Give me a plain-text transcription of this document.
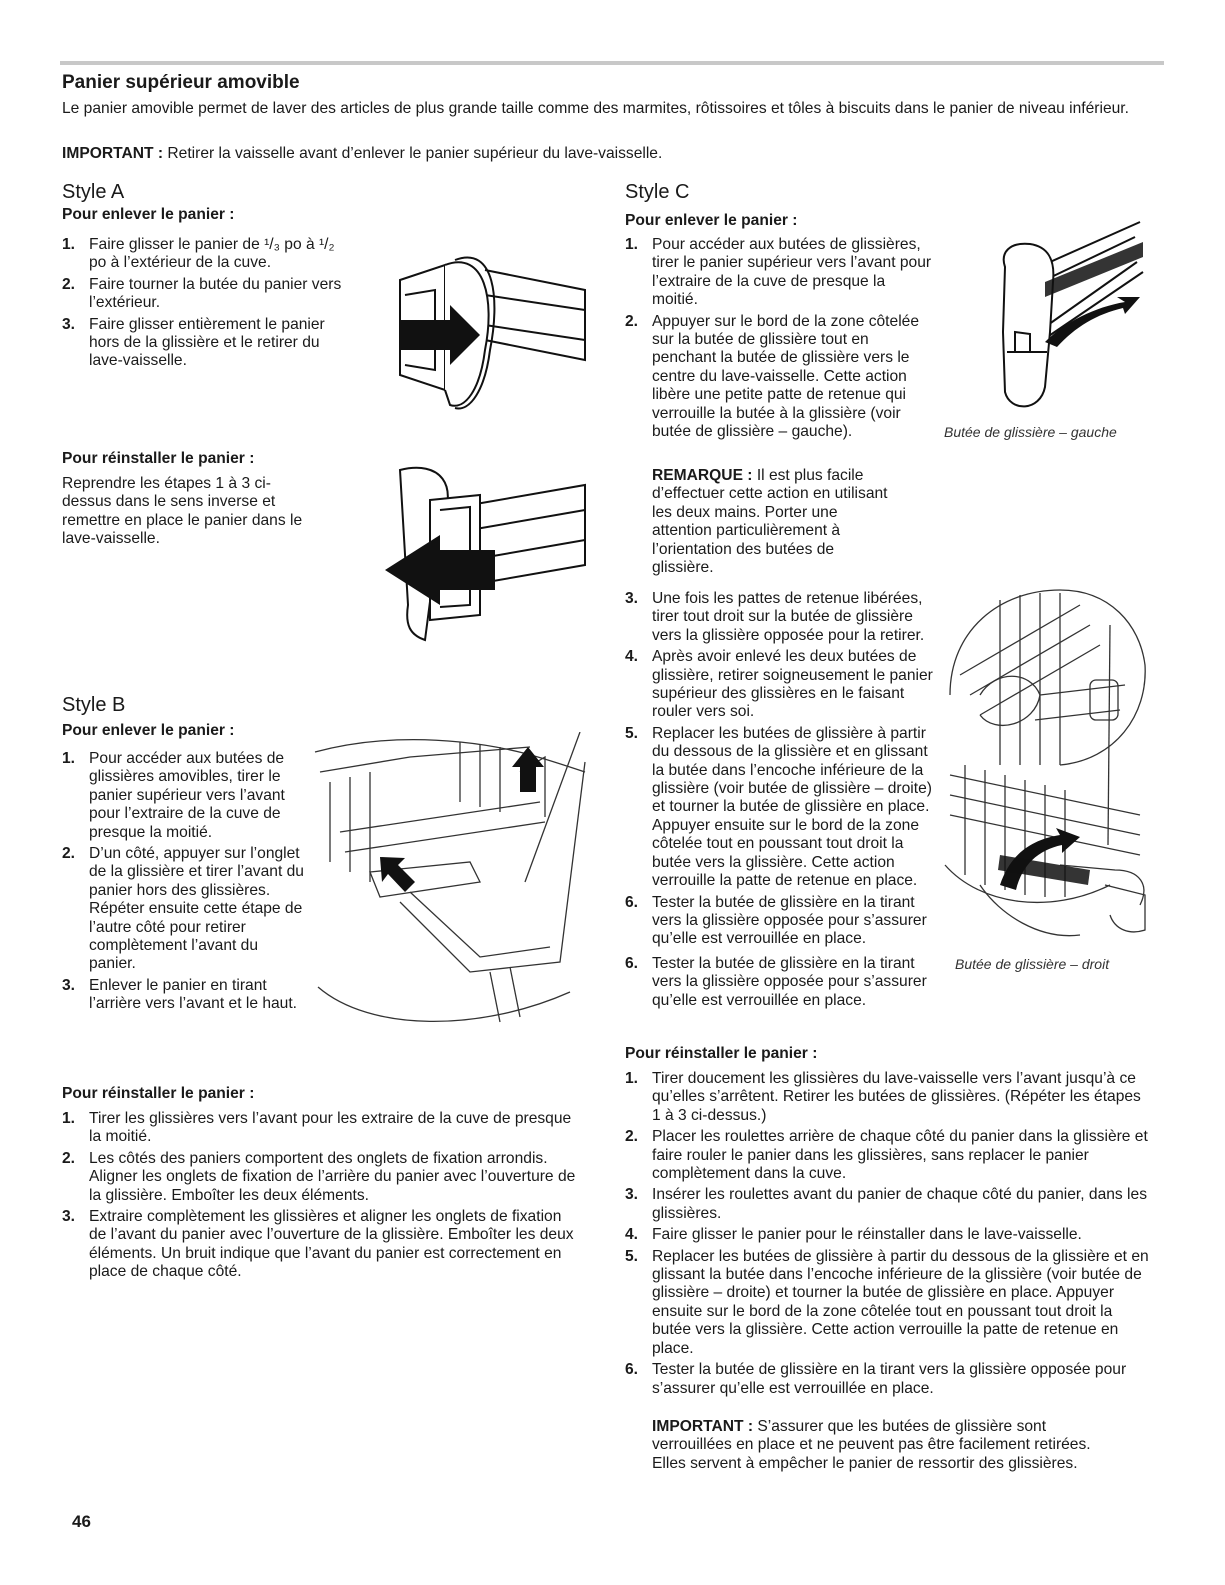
Panier supérieur amovible

Le panier amovible permet de laver des articles de plus grande taille comme des marmites, rôtissoires et tôles à biscuits dans le panier de niveau inférieur.

IMPORTANT : Retirer la vaisselle avant d’enlever le panier supérieur du lave-vaisselle.

Style A
Pour enlever le panier :
1. Faire glisser le panier de ¹/₃ po à ¹/₂ po à l’extérieur de la cuve.
2. Faire tourner la butée du panier vers l’extérieur.
3. Faire glisser entièrement le panier hors de la glissière et le retirer du lave-vaisselle.
Pour réinstaller le panier :

Reprendre les étapes 1 à 3 ci-dessus dans le sens inverse et remettre en place le panier dans le lave-vaisselle.

Style B
Pour enlever le panier :
1. Pour accéder aux butées de glissières amovibles, tirer le panier supérieur vers l’avant pour l’extraire de la cuve de presque la moitié.
2. D’un côté, appuyer sur l’onglet de la glissière et tirer l’avant du panier hors des glissières. Répéter ensuite cette étape de l’autre côté pour retirer complètement l’avant du panier.
3. Enlever le panier en tirant l’arrière vers l’avant et le haut.
Pour réinstaller le panier :
1. Tirer les glissières vers l’avant pour les extraire de la cuve de presque la moitié.
2. Les côtés des paniers comportent des onglets de fixation arrondis. Aligner les onglets de fixation de l’arrière du panier avec l’ouverture de la glissière. Emboîter les deux éléments.
3. Extraire complètement les glissières et aligner les onglets de fixation de l’avant du panier avec l’ouverture de la glissière. Emboîter les deux éléments. Un bruit indique que l’avant du panier est correctement en place de chaque côté.
Style C
Pour enlever le panier :
1. Pour accéder aux butées de glissières, tirer le panier supérieur vers l’avant pour l’extraire de la cuve de presque la moitié.
2. Appuyer sur le bord de la zone côtelée sur la butée de glissière tout en penchant la butée de glissière vers le centre du lave-vaisselle. Cette action libère une petite patte de retenue qui verrouille la butée à la glissière (voir butée de glissière – gauche).

REMARQUE : Il est plus facile d’effectuer cette action en utilisant les deux mains. Porter une attention particulièrement à l’orientation des butées de glissière.

3. Une fois les pattes de retenue libérées, tirer tout droit sur la butée de glissière vers la glissière opposée pour la retirer.
4. Après avoir enlevé les deux butées de glissière, retirer soigneusement le panier supérieur des glissières en le faisant rouler vers soi.
5. Replacer les butées de glissière à partir du dessous de la glissière et en glissant la butée dans l’encoche inférieure de la glissière (voir butée de glissière – droite) et tourner la butée de glissière en place. Appuyer ensuite sur le bord de la zone côtelée tout en poussant tout droit la butée vers la glissière. Cette action verrouille la patte de retenue en place.
6. Tester la butée de glissière en la tirant vers la glissière opposée pour s’assurer qu’elle est verrouillée en place.
Butée de glissière – gauche
Butée de glissière – droit
6. Tester la butée de glissière en la tirant vers la glissière opposée pour s’assurer qu’elle est verrouillée en place.
Pour réinstaller le panier :
1. Tirer doucement les glissières du lave-vaisselle vers l’avant jusqu’à ce qu’elles s’arrêtent. Retirer les butées de glissières. (Répéter les étapes 1 à 3 ci-dessus.)
2. Placer les roulettes arrière de chaque côté du panier dans la glissière et faire rouler le panier dans les glissières, sans replacer le panier complètement dans la cuve.
3. Insérer les roulettes avant du panier de chaque côté du panier, dans les glissières.
4. Faire glisser le panier pour le réinstaller dans le lave-vaisselle.
5. Replacer les butées de glissière à partir du dessous de la glissière et en glissant la butée dans l’encoche inférieure de la glissière (voir butée de glissière – droite) et tourner la butée de glissière en place. Appuyer ensuite sur le bord de la zone côtelée tout en poussant tout droit la butée vers la glissière. Cette action verrouille la patte de retenue en place.
6. Tester la butée de glissière en la tirant vers la glissière opposée pour s’assurer qu’elle est verrouillée en place.

IMPORTANT : S’assurer que les butées de glissière sont verrouillées en place et ne peuvent pas être facilement retirées. Elles servent à empêcher le panier de ressortir des glissières.

46
